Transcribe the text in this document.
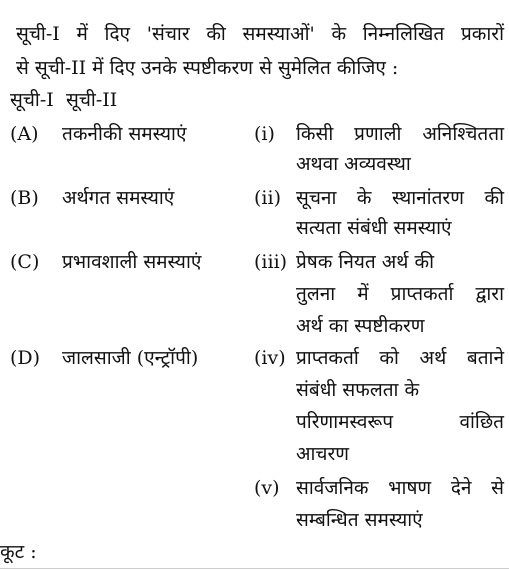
सूची-I में दिए 'संचार की समस्याओं' के निम्नलिखित प्रकारों
से सूची-II में दिए उनके स्पष्टीकरण से सुमेलित कीजिए :
सूची-I सूची-II
(A) तकनीकी समस्याएं
(B) अर्थगत समस्याएं
(C) प्रभावशाली समस्याएं
(D) जालसाजी (एन्ट्रॉपी)
(i) किसी प्रणाली अनिश्चितता
अथवा अव्यवस्था
(ii) सूचना के स्थानांतरण की
सत्यता संबंधी समस्याएं
(iii) प्रेषक नियत अर्थ की
तुलना में प्राप्तकर्ता द्वारा
अर्थ का स्पष्टीकरण
(iv) प्राप्तकर्ता को अर्थ बताने
संबंधी सफलता के
परिणामस्वरूप वांछित
आचरण
(v) सार्वजनिक भाषण देने से
सम्बन्धित समस्याएं
कूट :
